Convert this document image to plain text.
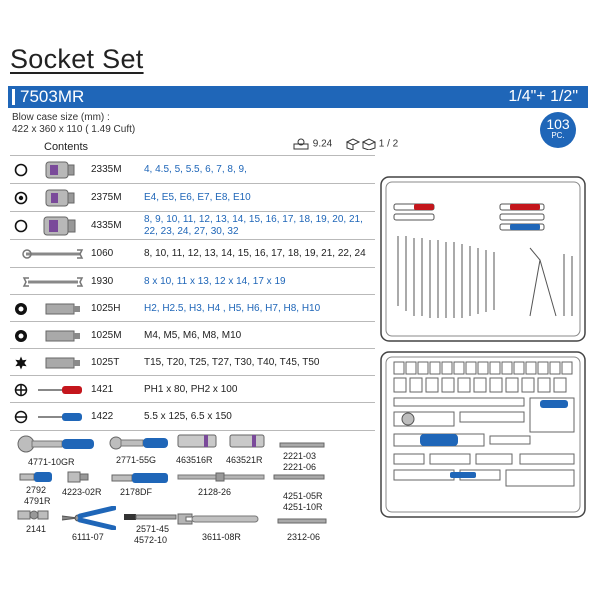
Socket Set
7503MR	1/4"+ 1/2"
Blow case size (mm) :
422 x 360 x 110 ( 1.49 Cuft)	103
PC.
Contents	9.24	1 / 2
2335M 4, 4.5, 5, 5.5, 6, 7, 8, 9,
2375M E4, E5, E6, E7, E8, E10
4335M
8, 9, 10, 11, 12, 13, 14, 15, 16, 17, 18, 19, 20, 21, 22, 23, 24, 27, 30, 32
1060	8, 10, 11, 12, 13, 14, 15, 16, 17, 18, 19, 21, 22, 24
1930	8 x 10, 11 x 13, 12 x 14, 17 x 19
1025H H2, H2.5, H3, H4 , H5, H6, H7, H8, H10
1025M M4, M5, M6, M8, M10
1025T T15, T20, T25, T27, T30, T40, T45, T50
1421	PH1 x 80, PH2 x 100
1422	5.5 x 125, 6.5 x 150
4771-10GR	2771-55G 463516R 463521R 2221-03
2221-06
2792
4791R
4223-02R 2178DF	2128-26	4251-05R
4251-10R
2141
6111-07
2571-45
4572-10	3611-08R	2312-06
